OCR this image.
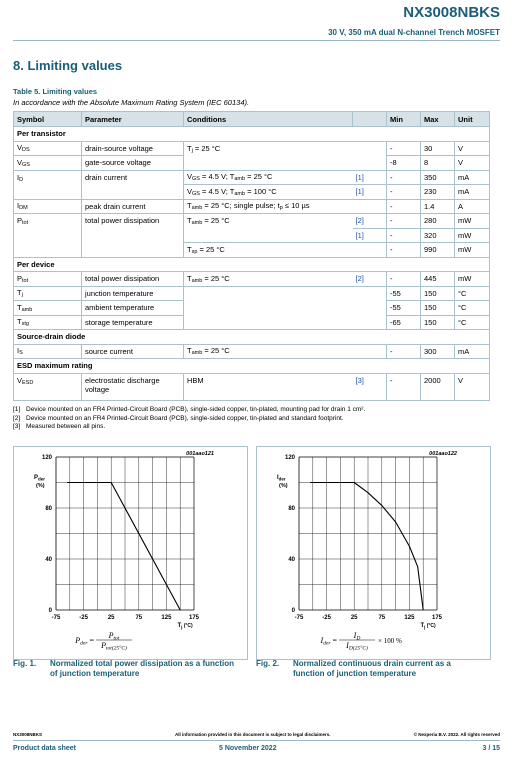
NX3008NBKS
30 V, 350 mA dual N-channel Trench MOSFET
8. Limiting values
Table 5. Limiting values
In accordance with the Absolute Maximum Rating System (IEC 60134).
Symbol	Parameter	Conditions		Min	Max	Unit
Per transistor						
$V_{DS}$	drain-source voltage	$T_j = 25$ °C		-	30	V
$V_{GS}$	gate-source voltage			-8	8	V
$I_D$	drain current	$V_{GS} = 4.5$ V; $T_{amb} = 25$ °C	[1]	-	350	mA
		$V_{GS} = 4.5$ V; $T_{amb} = 100$ °C	[1]	-	230	mA
$I_{DM}$	peak drain current	$T_{amb} = 25$ °C; single pulse; $t_p \le 10$ µs		-	1.4	A
$P_{tot}$	total power dissipation	$T_{amb} = 25$ °C	[2]	-	280	mW
			[1]	-	320	mW
		$T_{sp} = 25$ °C		-	990	mW
Per device						
$P_{tot}$	total power dissipation	$T_{amb} = 25$ °C	[2]	-	445	mW
$T_j$	junction temperature			-55	150	°C
$T_{amb}$	ambient temperature			-55	150	°C
$T_{stg}$	storage temperature			-65	150	°C
Source-drain diode						
$I_S$	source current	$T_{amb} = 25$ °C		-	300	mA
ESD maximum rating						
$V_{ESD}$	electrostatic discharge voltage	HBM	[3]	-	2000	V
[1] Device mounted on an FR4 Printed-Circuit Board (PCB), single-sided copper, tin-plated, mounting pad for drain 1 cm².
[2] Device mounted on an FR4 Printed-Circuit Board (PCB), single-sided copper, tin-plated and standard footprint.
[3] Measured between all pins.
001aao121
0
40
80
120
-75	-25	25	75	125	175
$P_{der}$
(%)
$T_j$ $^{(^\circ C)}$
Pder =
Ptot
Ptot(25°C)
001aao122
0
40
80
120
-75	-25	25	75	125	175
$I_{der}$
(%)
$T_j$ $^{(^\circ C)}$
Ider =
ID
ID(25°C)
× 100 %
Fig. 1. Normalized total power dissipation as a function of junction temperature
Fig. 2. Normalized continuous drain current as a function of junction temperature
NX3008NBKS	All information provided in this document is subject to legal disclaimers.	© Nexperia B.V. 2022. All rights reserved
Product data sheet	5 November 2022	3 / 15
